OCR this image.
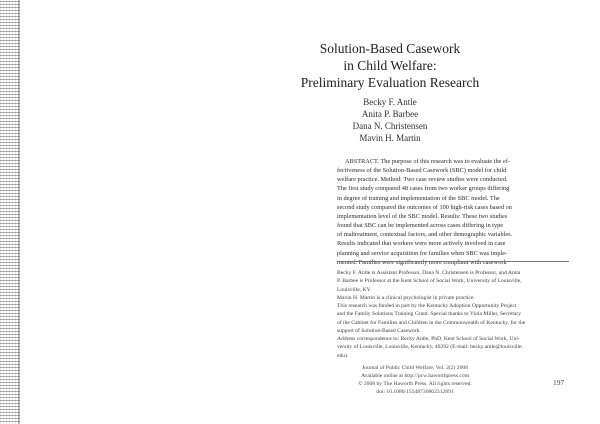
Solution-Based Casework
in Child Welfare:
Preliminary Evaluation Research
Becky F. Antle
Anita P. Barbee
Dana N. Christensen
Mavin H. Martin
ABSTRACT. The purpose of this research was to evaluate the ef-
fectiveness of the Solution-Based Casework (SBC) model for child
welfare practice. Method: Two case review studies were conducted.
The first study compared 48 cases from two worker groups differing
in degree of training and implementation of the SBC model. The
second study compared the outcomes of 100 high-risk cases based on
implementation level of the SBC model. Results: These two studies
found that SBC can be implemented across cases differing in type
of maltreatment, contextual factors, and other demographic variables.
Results indicated that workers were more actively involved in case
planning and service acquisition for families when SBC was imple-
mented. Families were significantly more compliant with casework
Becky F. Antle is Assistant Professor, Dana N. Christensen is Professor, and Anita
P. Barbee is Professor at the Kent School of Social Work, University of Louisville,
Louisville, KY.
Mavin H. Martin is a clinical psychologist in private practice.
This research was funded in part by the Kentucky Adoption Opportunity Project
and the Family Solutions Training Grant. Special thanks to Viola Miller, Secretary
of the Cabinet for Families and Children in the Commonwealth of Kentucky, for the
support of Solution-Based Casework.
Address correspondence to: Becky Antle, PhD, Kent School of Social Work, Uni-
versity of Louisville, Louisville, Kentucky, 40292 (E-mail: becky.antle@louisville.
edu).
Journal of Public Child Welfare, Vol. 2(2) 2008
Available online at http://pcw.haworthpress.com
© 2008 by The Haworth Press. All rights reserved.
doi: 10.1080/15548730802312891
197
